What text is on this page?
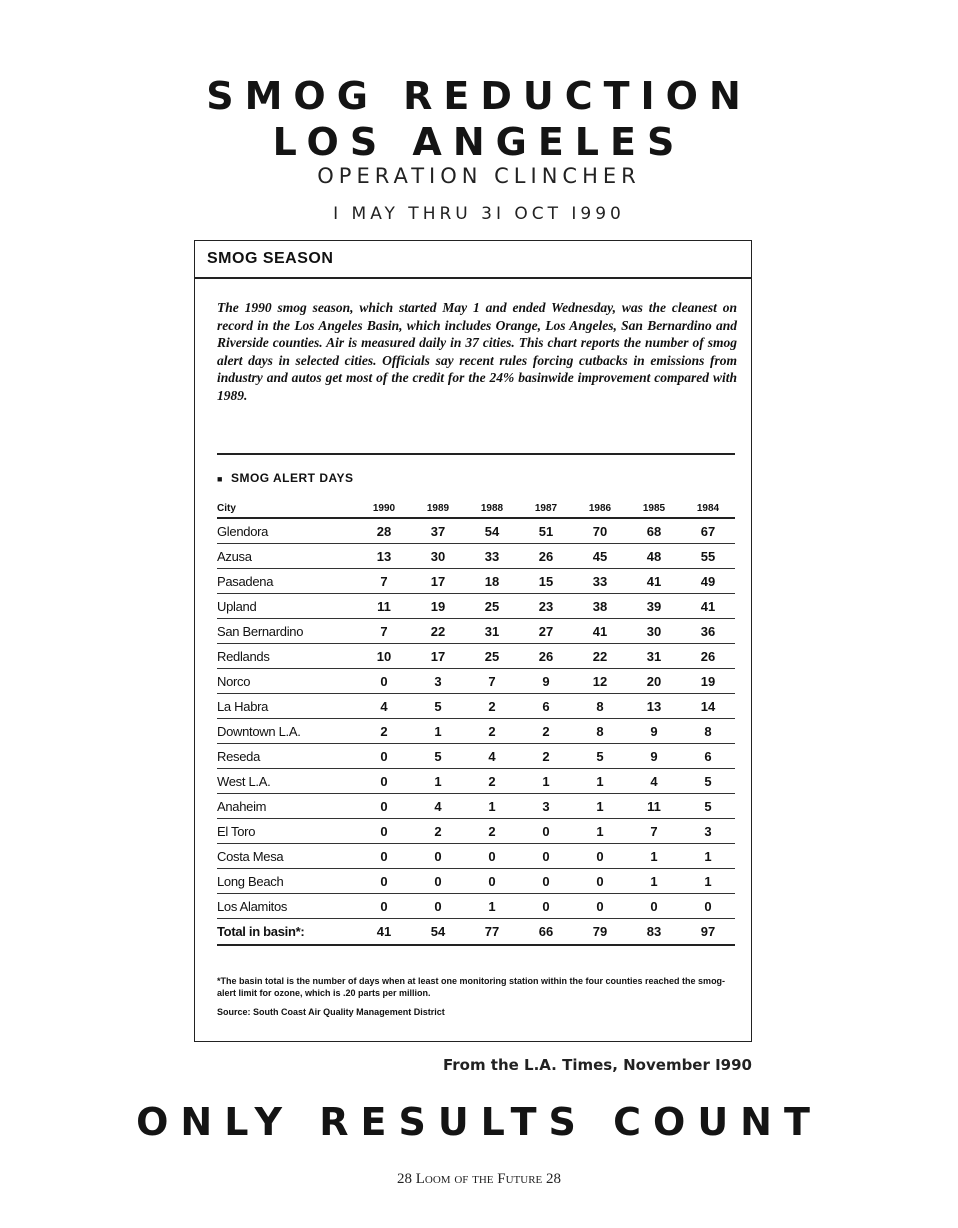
SMOG REDUCTION
LOS ANGELES
OPERATION CLINCHER
I MAY THRU 3I OCT I990
SMOG SEASON
The 1990 smog season, which started May 1 and ended Wednesday, was the cleanest on record in the Los Angeles Basin, which includes Orange, Los Angeles, San Bernardino and Riverside counties. Air is measured daily in 37 cities. This chart reports the number of smog alert days in selected cities. Officials say recent rules forcing cutbacks in emissions from industry and autos get most of the credit for the 24% basinwide improvement compared with 1989.
■ SMOG ALERT DAYS
City	1990	1989	1988	1987	1986	1985	1984
Glendora	28	37	54	51	70	68	67
Azusa	13	30	33	26	45	48	55
Pasadena	7	17	18	15	33	41	49
Upland	11	19	25	23	38	39	41
San Bernardino	7	22	31	27	41	30	36
Redlands	10	17	25	26	22	31	26
Norco	0	3	7	9	12	20	19
La Habra	4	5	2	6	8	13	14
Downtown L.A.	2	1	2	2	8	9	8
Reseda	0	5	4	2	5	9	6
West L.A.	0	1	2	1	1	4	5
Anaheim	0	4	1	3	1	11	5
El Toro	0	2	2	0	1	7	3
Costa Mesa	0	0	0	0	0	1	1
Long Beach	0	0	0	0	0	1	1
Los Alamitos	0	0	1	0	0	0	0
Total in basin*:	41	54	77	66	79	83	97
*The basin total is the number of days when at least one monitoring station within the four counties reached the smog-alert limit for ozone, which is .20 parts per million.
Source: South Coast Air Quality Management District
From the L.A. Times, November I990
ONLY RESULTS COUNT
28 Loom of the Future 28
